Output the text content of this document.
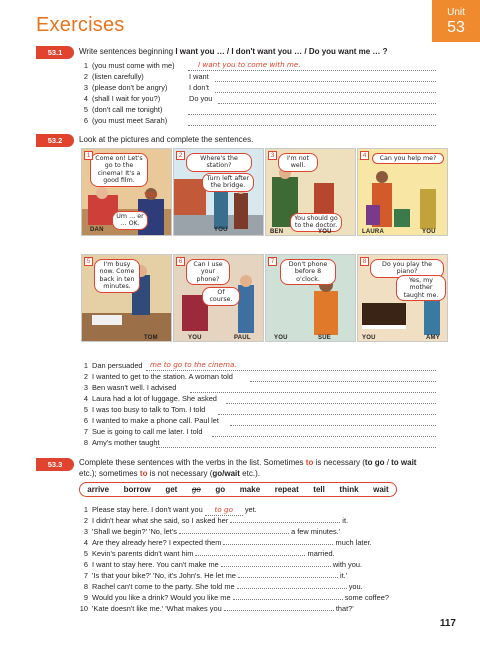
Exercises
Unit
53
53.1	Write sentences beginning I want you … / I don't want you … / Do you want me … ?
1 (you must come with me)	I want you to come with me.
2 (listen carefully)	I want
3 (please don't be angry)	I don't
4 (shall I wait for you?)	Do you
5 (don't call me tonight)
6 (you must meet Sarah)
53.2	Look at the pictures and complete the sentences.
1 Come on! Let's go to the cinema! It's a good film.
Um … er … OK.
YOU
DAN
2	Where's the station?
Turn left after the bridge.
YOU
3	I'm not well.
You should go to the doctor.
BEN	YOU
4	Can you help me?
LAURA	YOU
5	I'm busy now. Come back in ten minutes.
TOM
6	Can I use your phone?
Of course.
YOU	PAUL
7	Don't phone before 8 o'clock.
YOU	SUE
8	Do you play the piano?
Yes, my mother taught me.
YOU	AMY
1 Dan persuaded me to go to the cinema.
2 I wanted to get to the station. A woman told
3 Ben wasn't well. I advised
4 Laura had a lot of luggage. She asked
5 I was too busy to talk to Tom. I told
6 I wanted to make a phone call. Paul let
7 Sue is going to call me later. I told
8 Amy's mother taught
53.3	Complete these sentences with the verbs in the list. Sometimes to is necessary (to go / to wait
etc.); sometimes to is not necessary (go/wait etc.).
arrive borrow get go go make repeat tell think wait
1 Please stay here. I don't want you to go yet.
2 I didn't hear what she said, so I asked her	it.
3 'Shall we begin?' 'No, let's	a few minutes.'
4 Are they already here? I expected them	much later.
5 Kevin's parents didn't want him	married.
6 I want to stay here. You can't make me	with you.
7 'Is that your bike?' 'No, it's John's. He let me	it.'
8 Rachel can't come to the party. She told me	you.
9 Would you like a drink? Would you like me	some coffee?
10 'Kate doesn't like me.' 'What makes you	that?'
117
